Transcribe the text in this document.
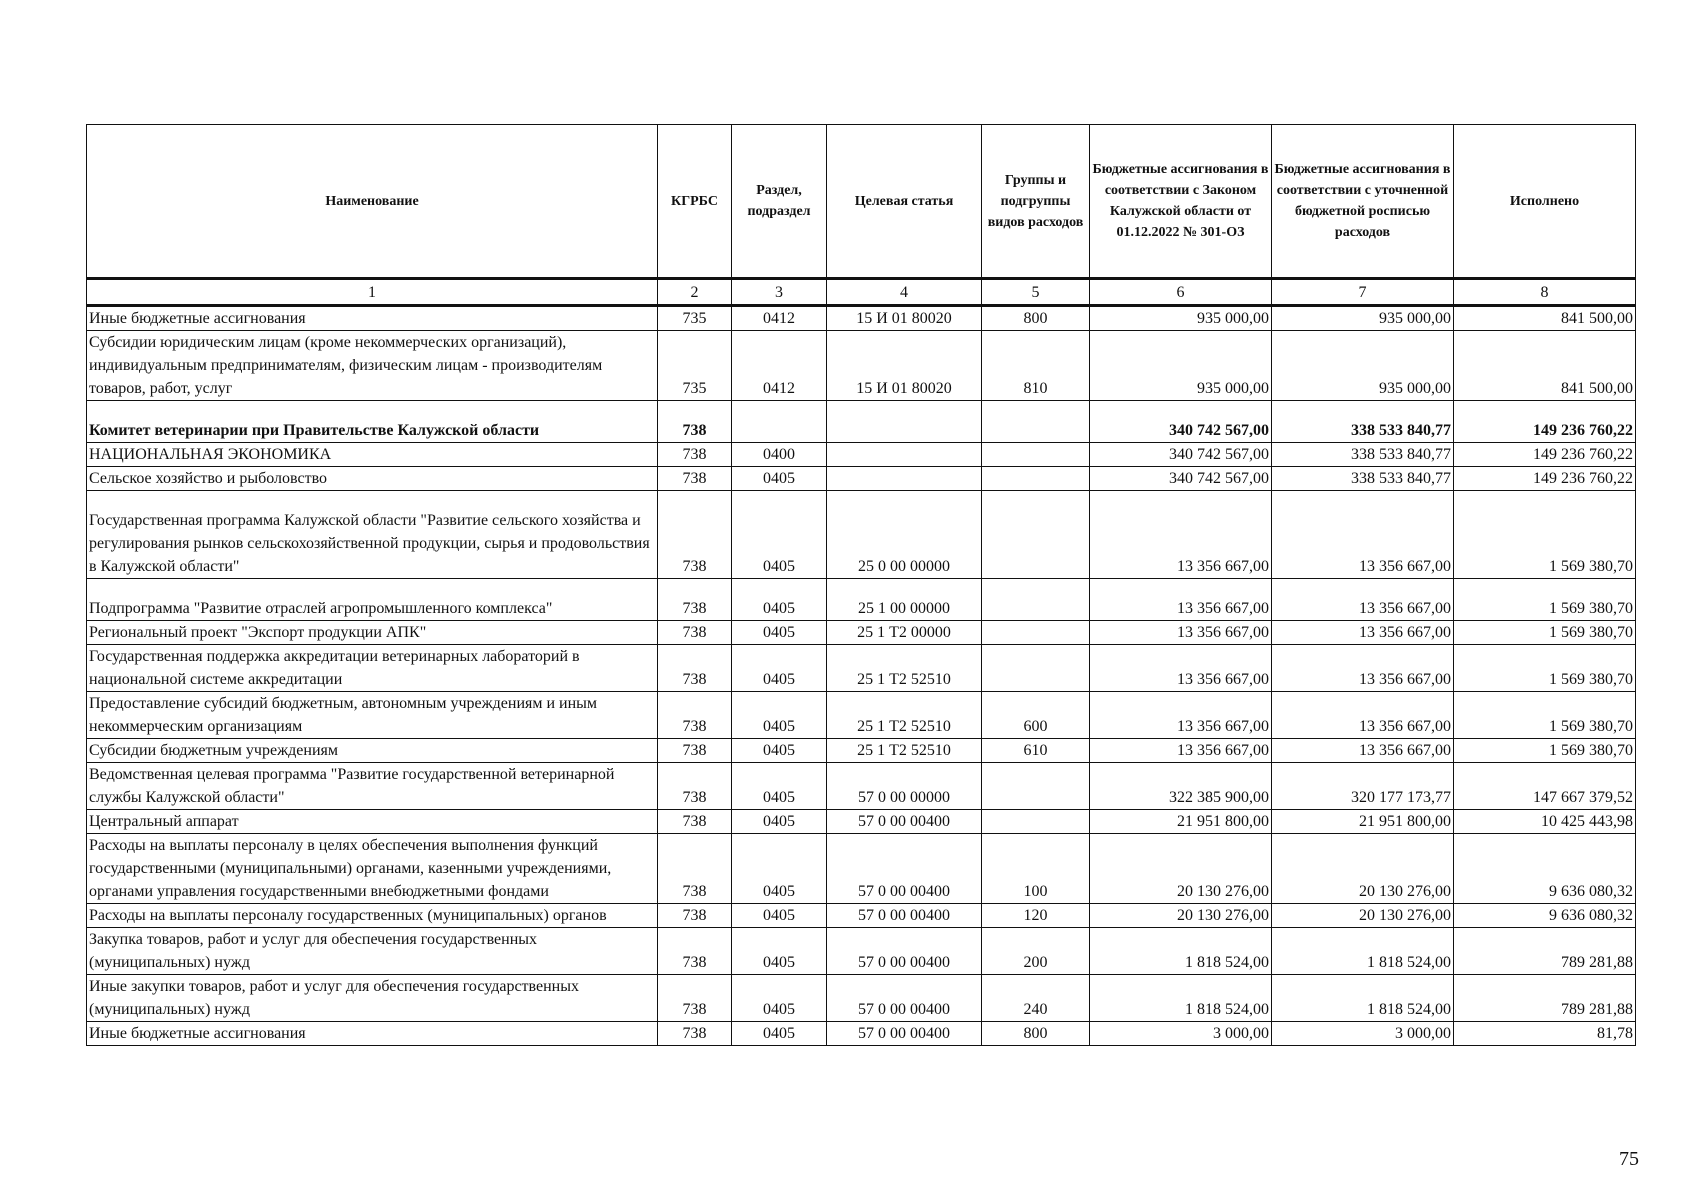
Наименование	КГРБС	Раздел, подраздел	Целевая статья	Группы и подгруппы видов расходов	Бюджетные ассигнования в соответствии с Законом Калужской области от 01.12.2022 № 301-ОЗ	Бюджетные ассигнования в соответствии с уточненной бюджетной росписью расходов	Исполнено
1	2	3	4	5	6	7	8
Иные бюджетные ассигнования	735	0412	15 И 01 80020	800	935 000,00	935 000,00	841 500,00
Субсидии юридическим лицам (кроме некоммерческих организаций), индивидуальным предпринимателям, физическим лицам - производителям товаров, работ, услуг	735	0412	15 И 01 80020	810	935 000,00	935 000,00	841 500,00
Комитет ветеринарии при Правительстве Калужской области	738				340 742 567,00	338 533 840,77	149 236 760,22
НАЦИОНАЛЬНАЯ ЭКОНОМИКА	738	0400			340 742 567,00	338 533 840,77	149 236 760,22
Сельское хозяйство и рыболовство	738	0405			340 742 567,00	338 533 840,77	149 236 760,22
Государственная программа Калужской области "Развитие сельского хозяйства и регулирования рынков сельскохозяйственной продукции, сырья и продовольствия в Калужской области"	738	0405	25 0 00 00000		13 356 667,00	13 356 667,00	1 569 380,70
Подпрограмма "Развитие отраслей агропромышленного комплекса"	738	0405	25 1 00 00000		13 356 667,00	13 356 667,00	1 569 380,70
Региональный проект "Экспорт продукции АПК"	738	0405	25 1 Т2 00000		13 356 667,00	13 356 667,00	1 569 380,70
Государственная поддержка аккредитации ветеринарных лабораторий в национальной системе аккредитации	738	0405	25 1 Т2 52510		13 356 667,00	13 356 667,00	1 569 380,70
Предоставление субсидий бюджетным, автономным учреждениям и иным некоммерческим организациям	738	0405	25 1 Т2 52510	600	13 356 667,00	13 356 667,00	1 569 380,70
Субсидии бюджетным учреждениям	738	0405	25 1 Т2 52510	610	13 356 667,00	13 356 667,00	1 569 380,70
Ведомственная целевая программа "Развитие государственной ветеринарной службы Калужской области"	738	0405	57 0 00 00000		322 385 900,00	320 177 173,77	147 667 379,52
Центральный аппарат	738	0405	57 0 00 00400		21 951 800,00	21 951 800,00	10 425 443,98
Расходы на выплаты персоналу в целях обеспечения выполнения функций государственными (муниципальными) органами, казенными учреждениями, органами управления государственными внебюджетными фондами	738	0405	57 0 00 00400	100	20 130 276,00	20 130 276,00	9 636 080,32
Расходы на выплаты персоналу государственных (муниципальных) органов	738	0405	57 0 00 00400	120	20 130 276,00	20 130 276,00	9 636 080,32
Закупка товаров, работ и услуг для обеспечения государственных (муниципальных) нужд	738	0405	57 0 00 00400	200	1 818 524,00	1 818 524,00	789 281,88
Иные закупки товаров, работ и услуг для обеспечения государственных (муниципальных) нужд	738	0405	57 0 00 00400	240	1 818 524,00	1 818 524,00	789 281,88
Иные бюджетные ассигнования	738	0405	57 0 00 00400	800	3 000,00	3 000,00	81,78
75
